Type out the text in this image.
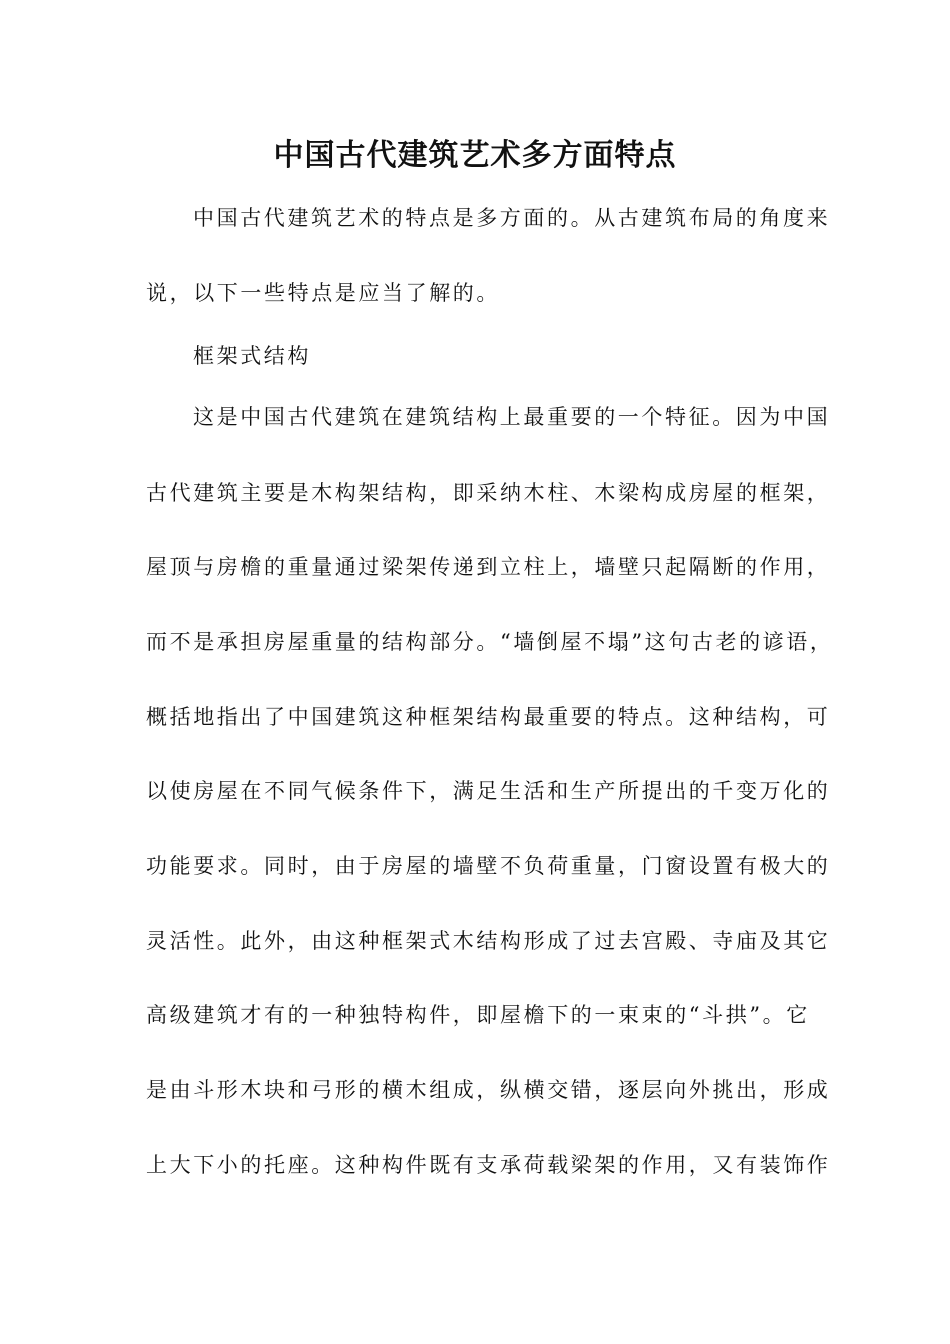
中国古代建筑艺术多方面特点
中国古代建筑艺术的特点是多方面的。从古建筑布局的角度来
说，以下一些特点是应当了解的。
框架式结构
这是中国古代建筑在建筑结构上最重要的一个特征。因为中国
古代建筑主要是木构架结构，即采纳木柱、木梁构成房屋的框架，
屋顶与房檐的重量通过梁架传递到立柱上，墙壁只起隔断的作用，
而不是承担房屋重量的结构部分。“墙倒屋不塌”这句古老的谚语，
概括地指出了中国建筑这种框架结构最重要的特点。这种结构，可
以使房屋在不同气候条件下，满足生活和生产所提出的千变万化的
功能要求。同时，由于房屋的墙壁不负荷重量，门窗设置有极大的
灵活性。此外，由这种框架式木结构形成了过去宫殿、寺庙及其它
高级建筑才有的一种独特构件，即屋檐下的一束束的“斗拱”。它
是由斗形木块和弓形的横木组成，纵横交错，逐层向外挑出，形成
上大下小的托座。这种构件既有支承荷载梁架的作用，又有装饰作
